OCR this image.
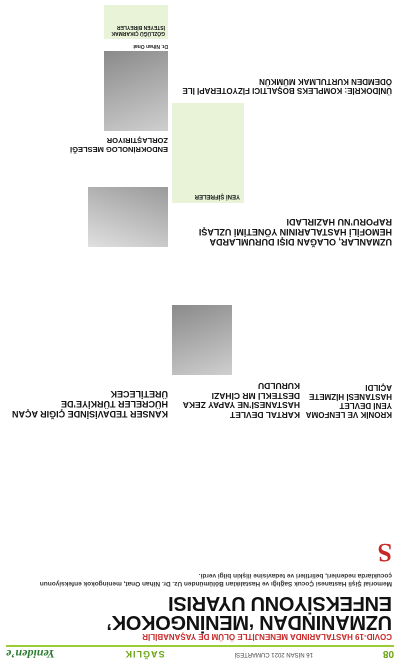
08
16 NİSAN 2021 CUMARTESİ
SAĞLIK
Yeniden’e
COVID-19 HASTALARINDA MENENJİTLE ÖLÜM DE YAŞANABİLİR
UZMANINDAN ‘MENİNGOKOK’ ENFEKSİYONU UYARISI
Memorial Şişli Hastanesi Çocuk Sağlığı ve Hastalıkları Bölümünden Uz. Dr. Nihan Onat, meningokok enfeksiyonun çocuklarda nedenleri, belirtileri ve tedavisine ilişkin bilgi verdi.
S
KRONİK VE LENFOMA YENİ DEVLET HASTANESİ HİZMETE AÇILDI
KARTAL DEVLET HASTANESİ’NE YAPAY ZEKA DESTEKLİ MR CİHAZI KURULDU
KANSER TEDAVİSİNDE ÇIĞIR AÇAN HÜCRELER TÜRKİYE’DE ÜRETİLECEK
UZMANLAR, OLAĞAN DIŞI DURUMLARDA HEMOFİLİ HASTALARININ YÖNETİMİ UZLAŞI RAPORU’NU HAZIRLADI
YENİ ŞİFRELER
ÜNİDOKRİE: KOMPLEKS BOŞALTICI FİZYOTERAPİ İLE ÖDEMDEN KURTULMAK MÜMKÜN
ENDOKRİNOLOG MESLEĞİ ZORLAŞTIRIYOR
Dr. Nihan Onat
GÖZLÜĞÜ ÇIKARMAK İSTEYEN BİREYLER
